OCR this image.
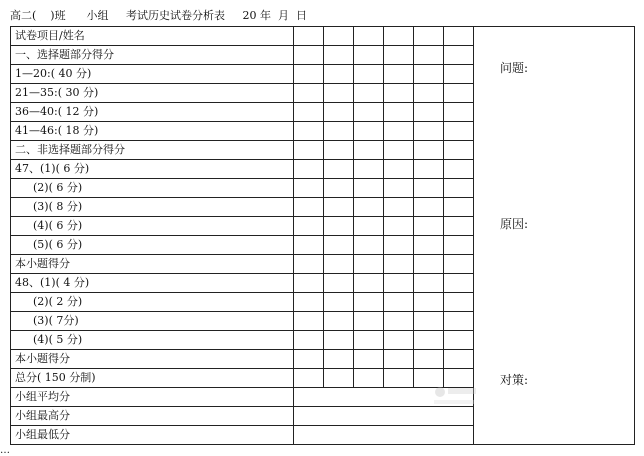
高二(    )班      小组     考试历史试卷分析表     20 年  月  日
试卷项目/姓名							
一、选择题部分得分							
1—20:( 40 分)							
21—35:( 30 分)							
36—40:( 12 分)							
41—46:( 18 分)							
二、非选择题部分得分							
47、(1)( 6 分)							
(2)( 6 分)							
(3)( 8 分)							
(4)( 6 分)							
(5)( 6 分)							
本小题得分							
48、(1)( 4 分)							
(2)( 2 分)							
(3)( 7分)							
(4)( 5 分)							
本小题得分							
总分( 150 分制)							
小组平均分							
小组最高分							
小组最低分							
问题:
原因:
对策:
…
